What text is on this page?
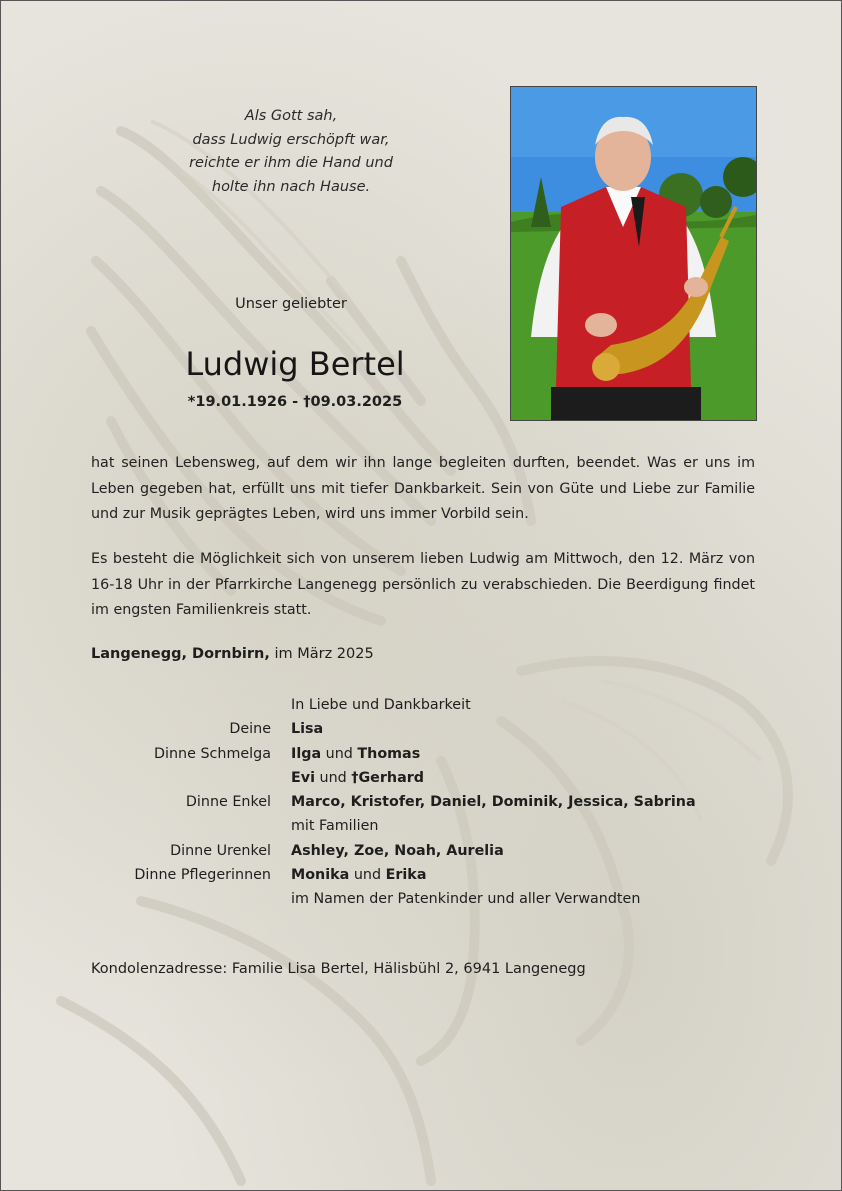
Als Gott sah,
dass Ludwig erschöpft war,
reichte er ihm die Hand und
holte ihn nach Hause.
Unser geliebter
Ludwig Bertel
*19.01.1926 - †09.03.2025
hat seinen Lebensweg, auf dem wir ihn lange begleiten durften, beendet. Was er uns im Leben gegeben hat, erfüllt uns mit tiefer Dankbarkeit. Sein von Güte und Liebe zur Familie und zur Musik geprägtes Leben, wird uns immer Vorbild sein.
Es besteht die Möglichkeit sich von unserem lieben Ludwig am Mittwoch, den 12. März von 16-18 Uhr in der Pfarrkirche Langenegg persönlich zu verabschieden. Die Beerdigung findet im engsten Familienkreis statt.
Langenegg, Dornbirn, im März 2025
In Liebe und Dankbarkeit
Deine Lisa
Dinne Schmelga Ilga und Thomas
Evi und †Gerhard
Dinne Enkel Marco, Kristofer, Daniel, Dominik, Jessica, Sabrina
mit Familien
Dinne Urenkel Ashley, Zoe, Noah, Aurelia
Dinne Pflegerinnen Monika und Erika
im Namen der Patenkinder und aller Verwandten
Kondolenzadresse: Familie Lisa Bertel, Hälisbühl 2, 6941 Langenegg
